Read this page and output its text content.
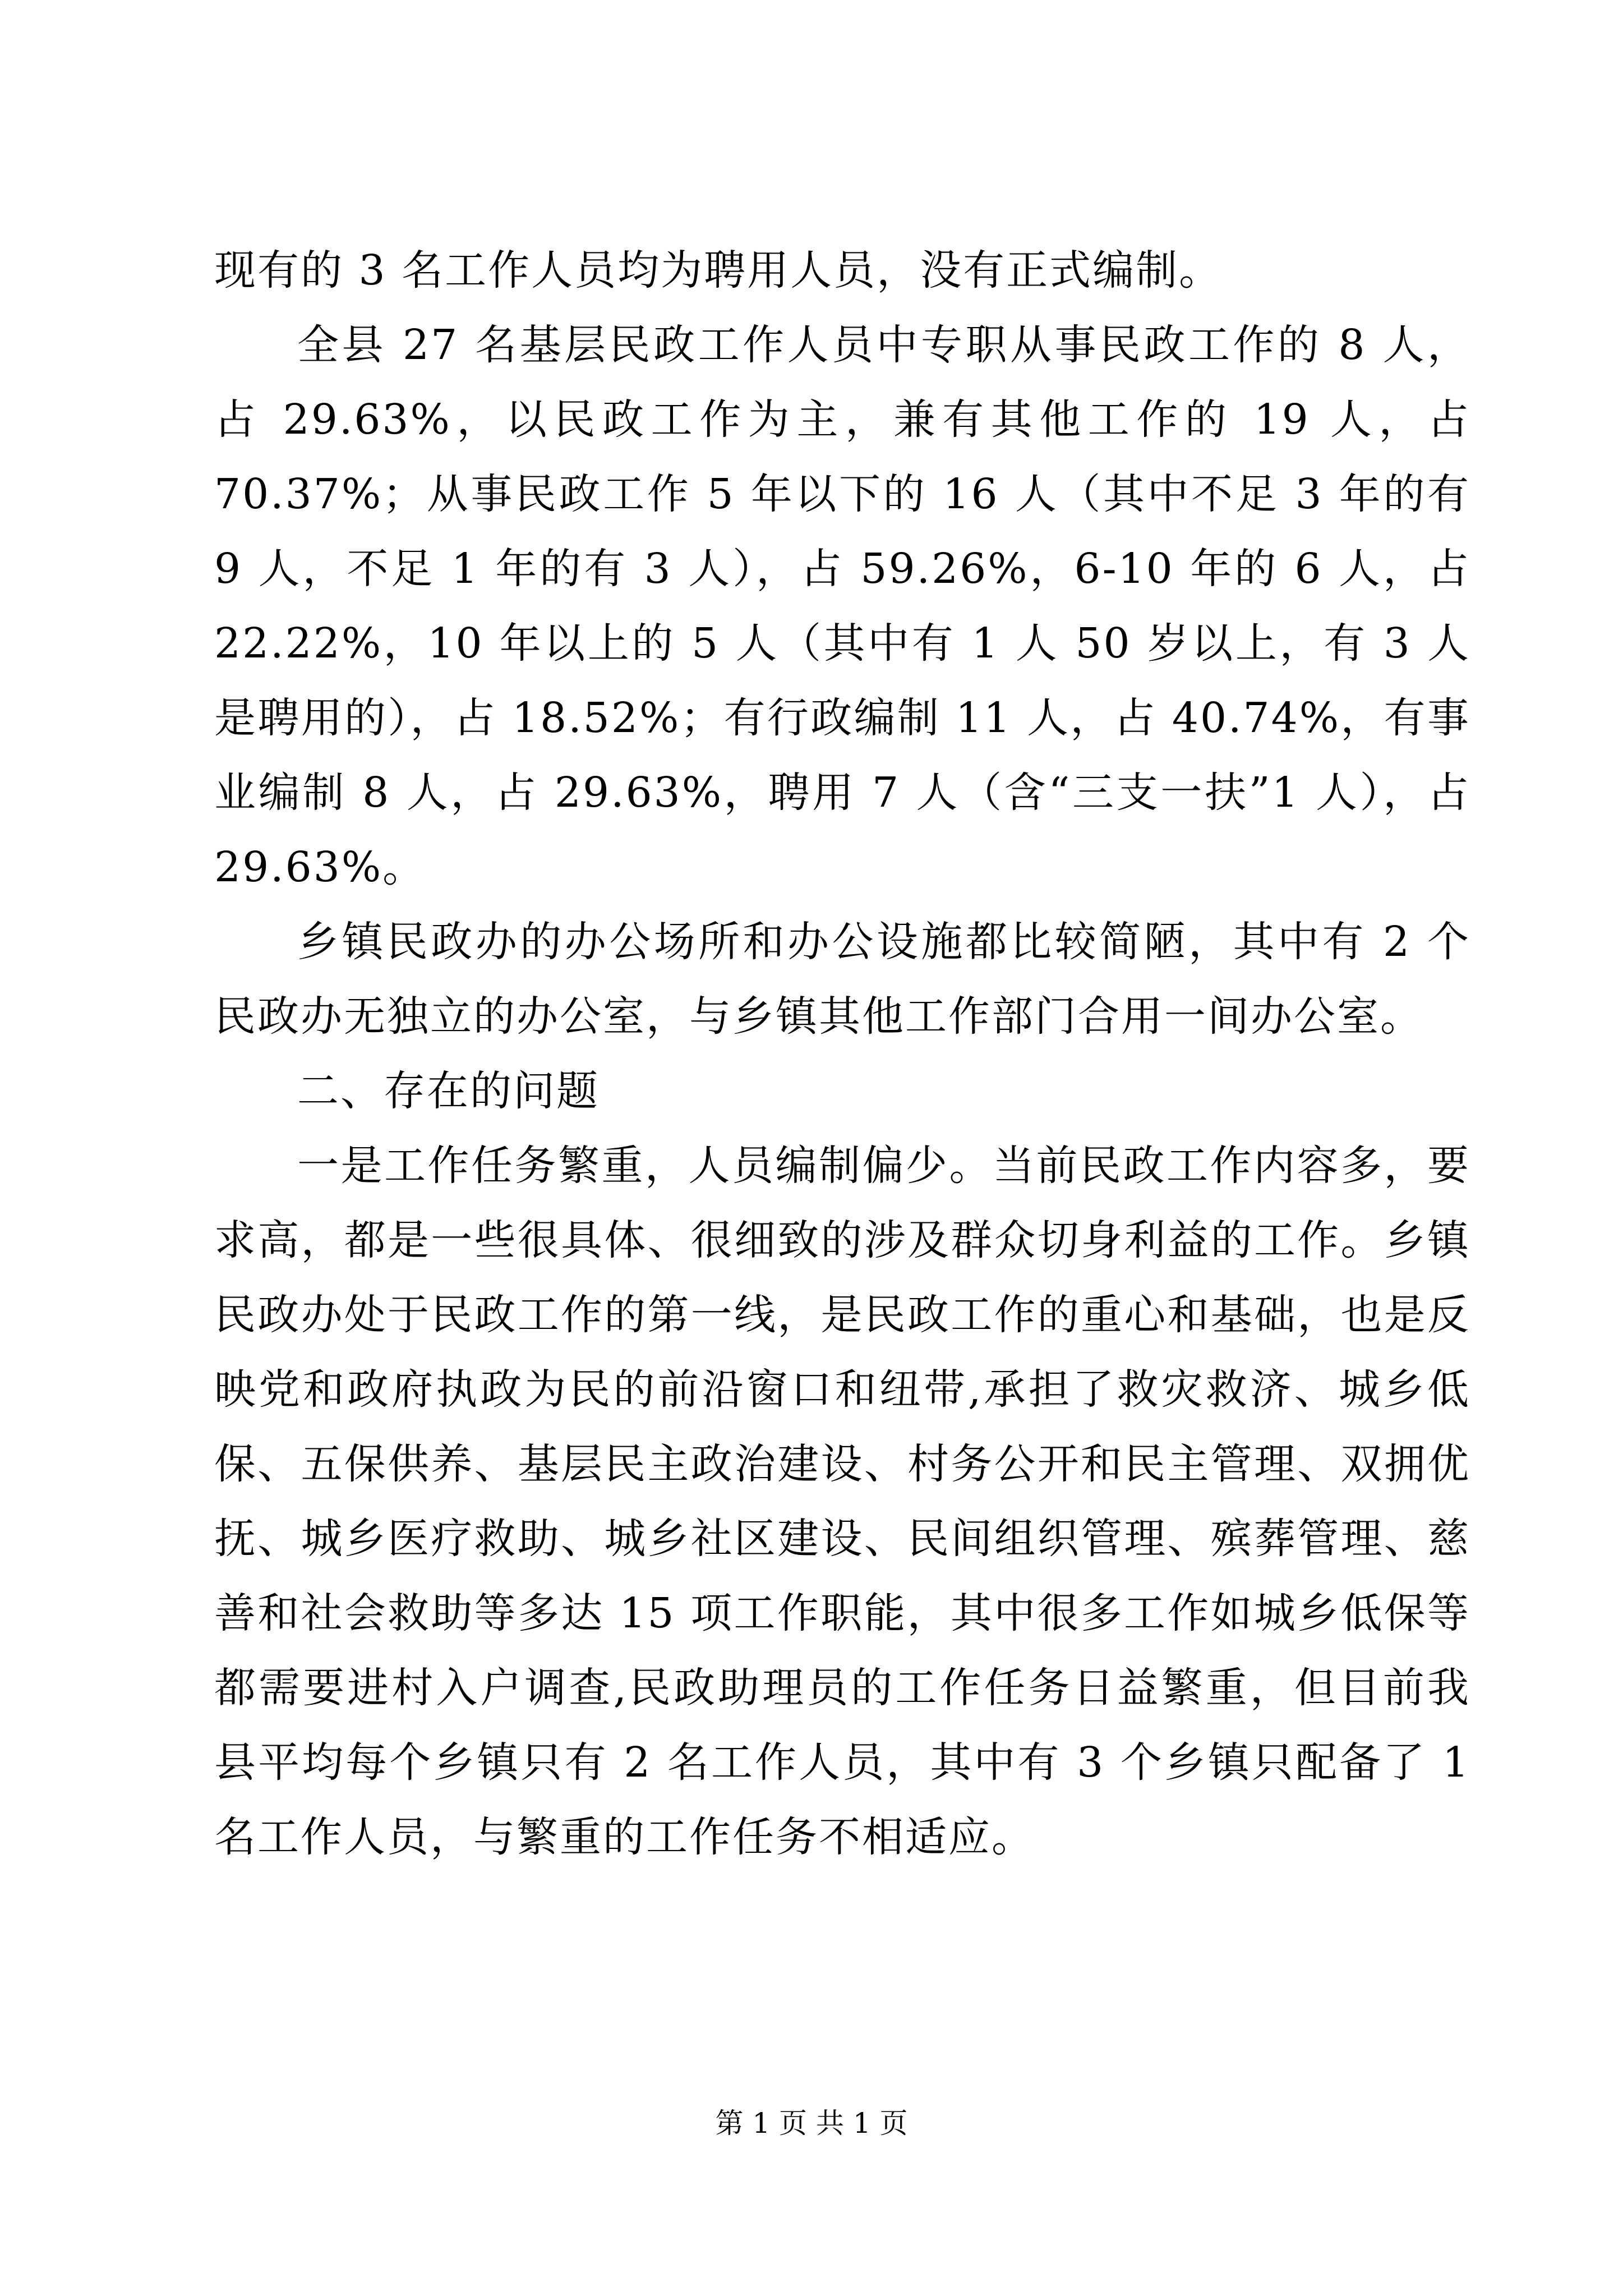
现有的 3 名工作人员均为聘用人员，没有正式编制。

全县 27 名基层民政工作人员中专职从事民政工作的 8 人，占 29.63%，以民政工作为主，兼有其他工作的 19 人，占 70.37%；从事民政工作 5 年以下的 16 人（其中不足 3 年的有 9 人，不足 1 年的有 3 人），占 59.26%，6-10 年的 6 人，占 22.22%，10 年以上的 5 人（其中有 1 人 50 岁以上，有 3 人是聘用的），占 18.52%；有行政编制 11 人，占 40.74%，有事业编制 8 人，占 29.63%，聘用 7 人（含“三支一扶”1 人），占 29.63%。

乡镇民政办的办公场所和办公设施都比较简陋，其中有 2 个民政办无独立的办公室，与乡镇其他工作部门合用一间办公室。

二、存在的问题

一是工作任务繁重，人员编制偏少。当前民政工作内容多，要求高，都是一些很具体、很细致的涉及群众切身利益的工作。乡镇民政办处于民政工作的第一线，是民政工作的重心和基础，也是反映党和政府执政为民的前沿窗口和纽带,承担了救灾救济、城乡低保、五保供养、基层民主政治建设、村务公开和民主管理、双拥优抚、城乡医疗救助、城乡社区建设、民间组织管理、殡葬管理、慈善和社会救助等多达 15 项工作职能，其中很多工作如城乡低保等都需要进村入户调查,民政助理员的工作任务日益繁重，但目前我县平均每个乡镇只有 2 名工作人员，其中有 3 个乡镇只配备了 1 名工作人员，与繁重的工作任务不相适应。

第 1 页 共 1 页
